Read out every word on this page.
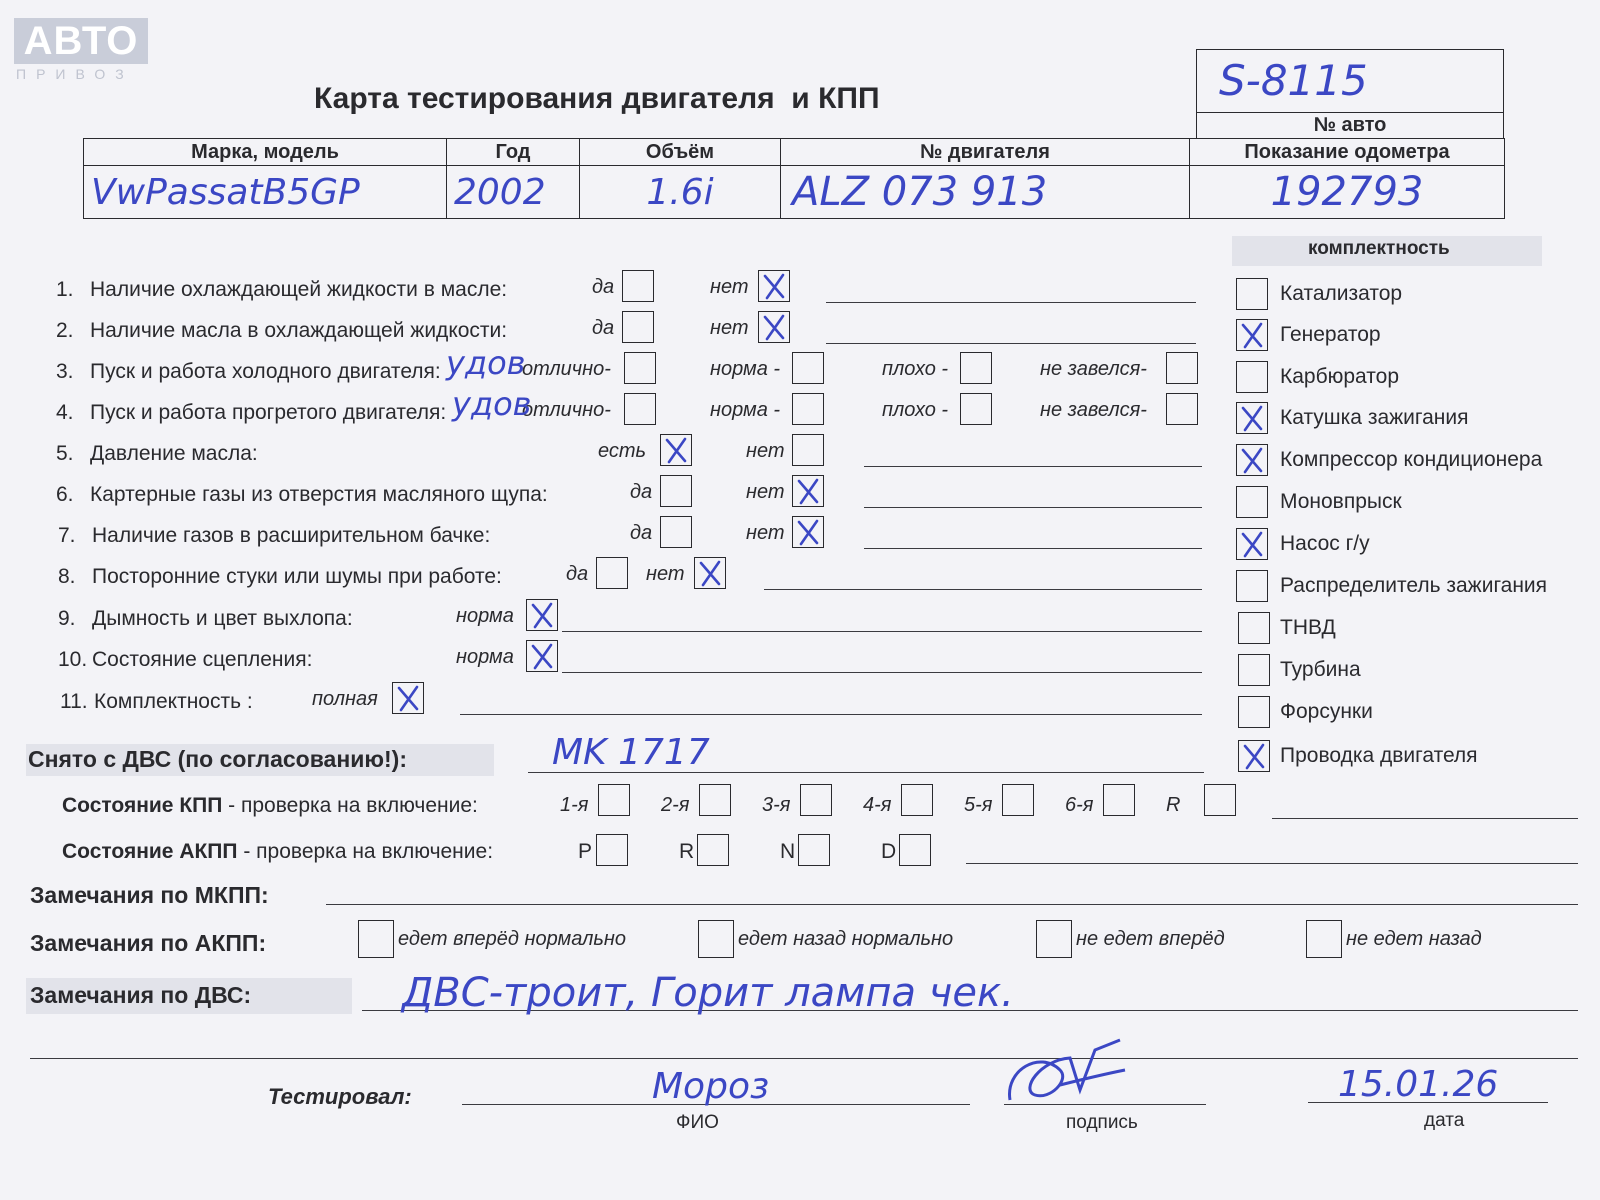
АВТО
ПРИВОЗ
Карта тестирования двигателя  и КПП	S-8115
№ авто
Марка, модель	Год	Объём	№ двигателя	Показание одометра
VwPassatB5GP	2002	1.6i	ALZ 073 913	192793
комплектность
1. Наличие охлаждающей жидкости в масле:	да	нет
2. Наличие масла в охлаждающей жидкости:	да	нет
3. Пуск и работа холодного двигателя:	отлично-	норма -	плохо -	не завелся-
удов
4. Пуск и работа прогретого двигателя:	отлично-	норма -	плохо -	не завелся-
удов
5. Давление масла:	есть	нет
6. Картерные газы из отверстия масляного щупа:	да	нет
7. Наличие газов в расширительном бачке:	да	нет
8. Посторонние стуки или шумы при работе:	да	нет
9. Дымность и цвет выхлопа:	норма
10. Состояние сцепления:	норма
11. Комплектность :	полная
Катализатор
Генератор
Карбюратор
Катушка зажигания
Компрессор кондиционера
Моновпрыск
Насос г/у
Распределитель зажигания
ТНВД
Турбина
Форсунки
Проводка двигателя
Снято с ДВС (по согласованию!):	MK 1717
Состояние КПП - проверка на включение:	1-я	2-я	3-я	4-я	5-я	6-я	R
Состояние АКПП - проверка на включение:	P	R	N	D
Замечания по МКПП:
Замечания по АКПП:	едет вперёд нормально	едет назад нормально	не едет вперёд	не едет назад
Замечания по ДВС:	ДВС-троит, Горит лампа чек.
Тестировал:	Мороз
ФИО	подпись
15.01.26
дата
